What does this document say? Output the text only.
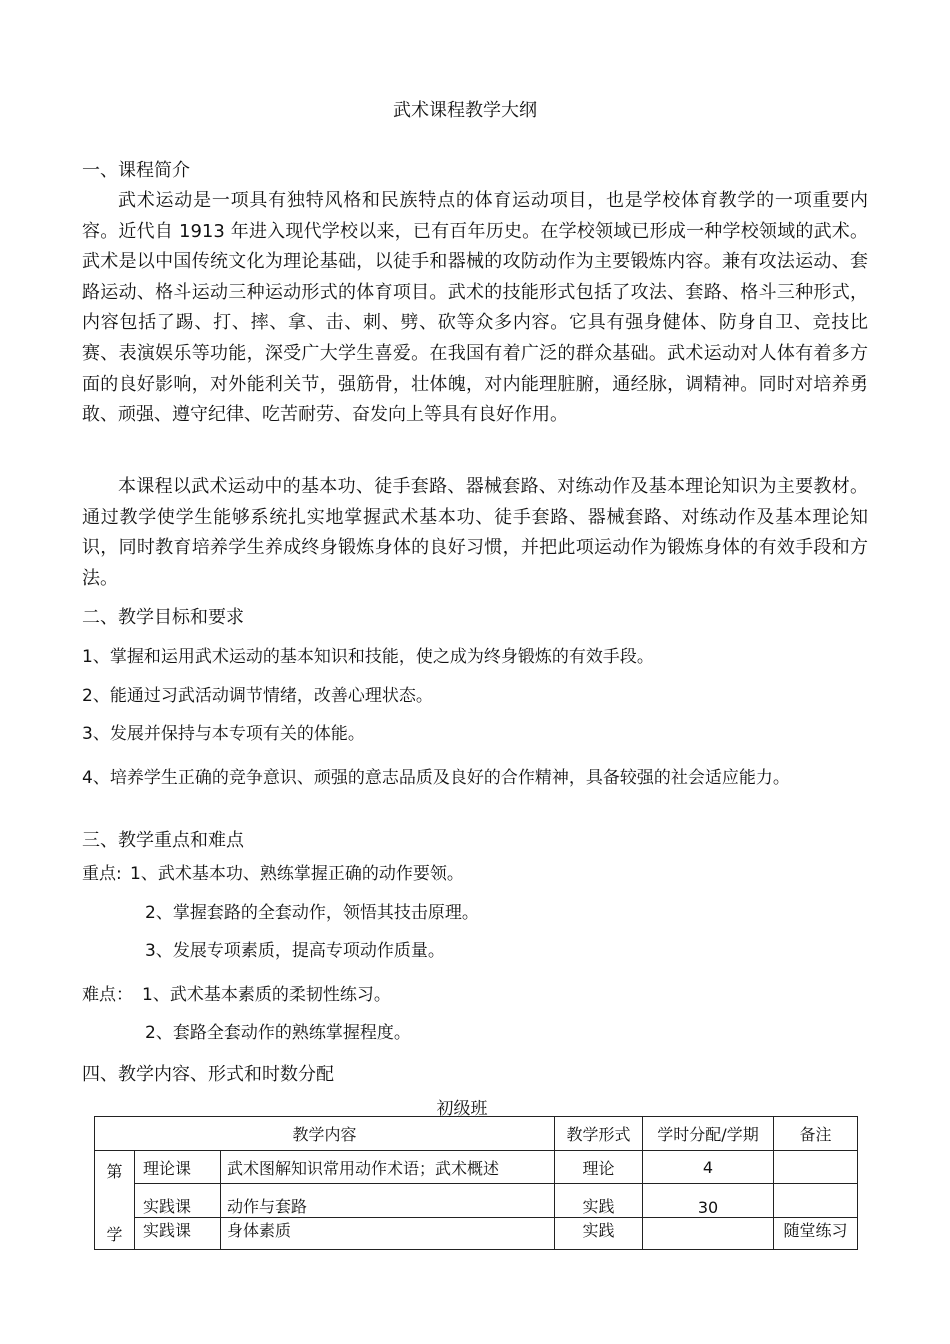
武术课程教学大纲
一、课程简介
武术运动是一项具有独特风格和民族特点的体育运动项目，也是学校体育教学的一项重要内容。近代自 1913 年进入现代学校以来，已有百年历史。在学校领域已形成一种学校领域的武术。武术是以中国传统文化为理论基础，以徒手和器械的攻防动作为主要锻炼内容。兼有攻法运动、套路运动、格斗运动三种运动形式的体育项目。武术的技能形式包括了攻法、套路、格斗三种形式，内容包括了踢、打、摔、拿、击、刺、劈、砍等众多内容。它具有强身健体、防身自卫、竞技比赛、表演娱乐等功能，深受广大学生喜爱。在我国有着广泛的群众基础。武术运动对人体有着多方面的良好影响，对外能利关节，强筋骨，壮体魄，对内能理脏腑，通经脉，调精神。同时对培养勇敢、顽强、遵守纪律、吃苦耐劳、奋发向上等具有良好作用。
本课程以武术运动中的基本功、徒手套路、器械套路、对练动作及基本理论知识为主要教材。通过教学使学生能够系统扎实地掌握武术基本功、徒手套路、器械套路、对练动作及基本理论知识，同时教育培养学生养成终身锻炼身体的良好习惯，并把此项运动作为锻炼身体的有效手段和方法。
二、教学目标和要求
1、掌握和运用武术运动的基本知识和技能，使之成为终身锻炼的有效手段。
2、能通过习武活动调节情绪，改善心理状态。
3、发展并保持与本专项有关的体能。
4、培养学生正确的竞争意识、顽强的意志品质及良好的合作精神，具备较强的社会适应能力。
三、教学重点和难点
重点: 1、武术基本功、熟练掌握正确的动作要领。
2、掌握套路的全套动作，领悟其技击原理。
3、发展专项素质，提高专项动作质量。
难点： 1、武术基本素质的柔韧性练习。
2、套路全套动作的熟练掌握程度。
四、教学内容、形式和时数分配
初级班
教学内容			教学形式	学时分配/学期	备注

第
学	理论课	武术图解知识常用动作术语；武术概述	理论	4	
	实践课	动作与套路	实践	30	
	实践课	身体素质	实践		随堂练习
